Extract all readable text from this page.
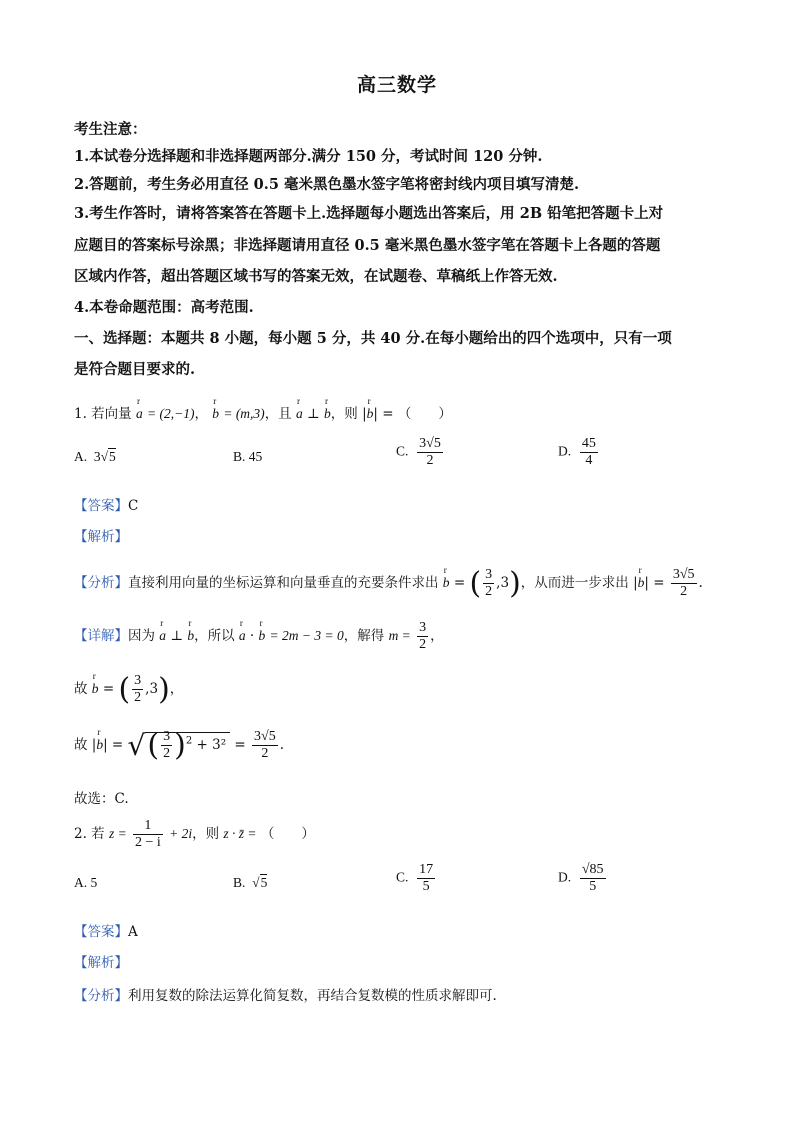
高三数学
考生注意：
1.本试卷分选择题和非选择题两部分.满分 150 分，考试时间 120 分钟.
2.答题前，考生务必用直径 0.5 毫米黑色墨水签字笔将密封线内项目填写清楚.
3.考生作答时，请将答案答在答题卡上.选择题每小题选出答案后，用 2B 铅笔把答题卡上对
应题目的答案标号涂黑；非选择题请用直径 0.5 毫米黑色墨水签字笔在答题卡上各题的答题
区域内作答，超出答题区域书写的答案无效，在试题卷、草稿纸上作答无效.
4.本卷命题范围：高考范围.
一、选择题：本题共 8 小题，每小题 5 分，共 40 分.在每小题给出的四个选项中，只有一项
是符合题目要求的.
1. 若向量 r a = (2,−1)， r b = (m,3)，且 r a ⊥ r b，则 |r b| = （　　）
A. 3√5	B. 45	C. $\frac{3√5}{2}$	D. $\frac{45}{4}$
【答案】C
【解析】
【分析】直接利用向量的坐标运算和向量垂直的充要条件求出 r b = ( $\frac{3}{2} ,3$)，从而进一步求出 |r $b| = \frac{3√5}{2}$ .
【详解】因为 r a ⊥ r b，所以 r a · r b = 2m − 3 = 0，解得 $m = \frac{3}{2}$ ，
故 r b = ( $\frac{3}{2} ,3$)，
故 |r b| = √( $\frac{3}{2} )^2 + 3^2 = \frac{3√5}{2}$ .
故选：C.
2. 若 $z = \frac{1}{2 - i} + 2i$，则 z · z̄ = （　　）
A. 5	B.  √5	C. $\frac{17}{5}$	D. $\frac{√85}{5}$
【答案】A
【解析】
【分析】利用复数的除法运算化简复数，再结合复数模的性质求解即可.
